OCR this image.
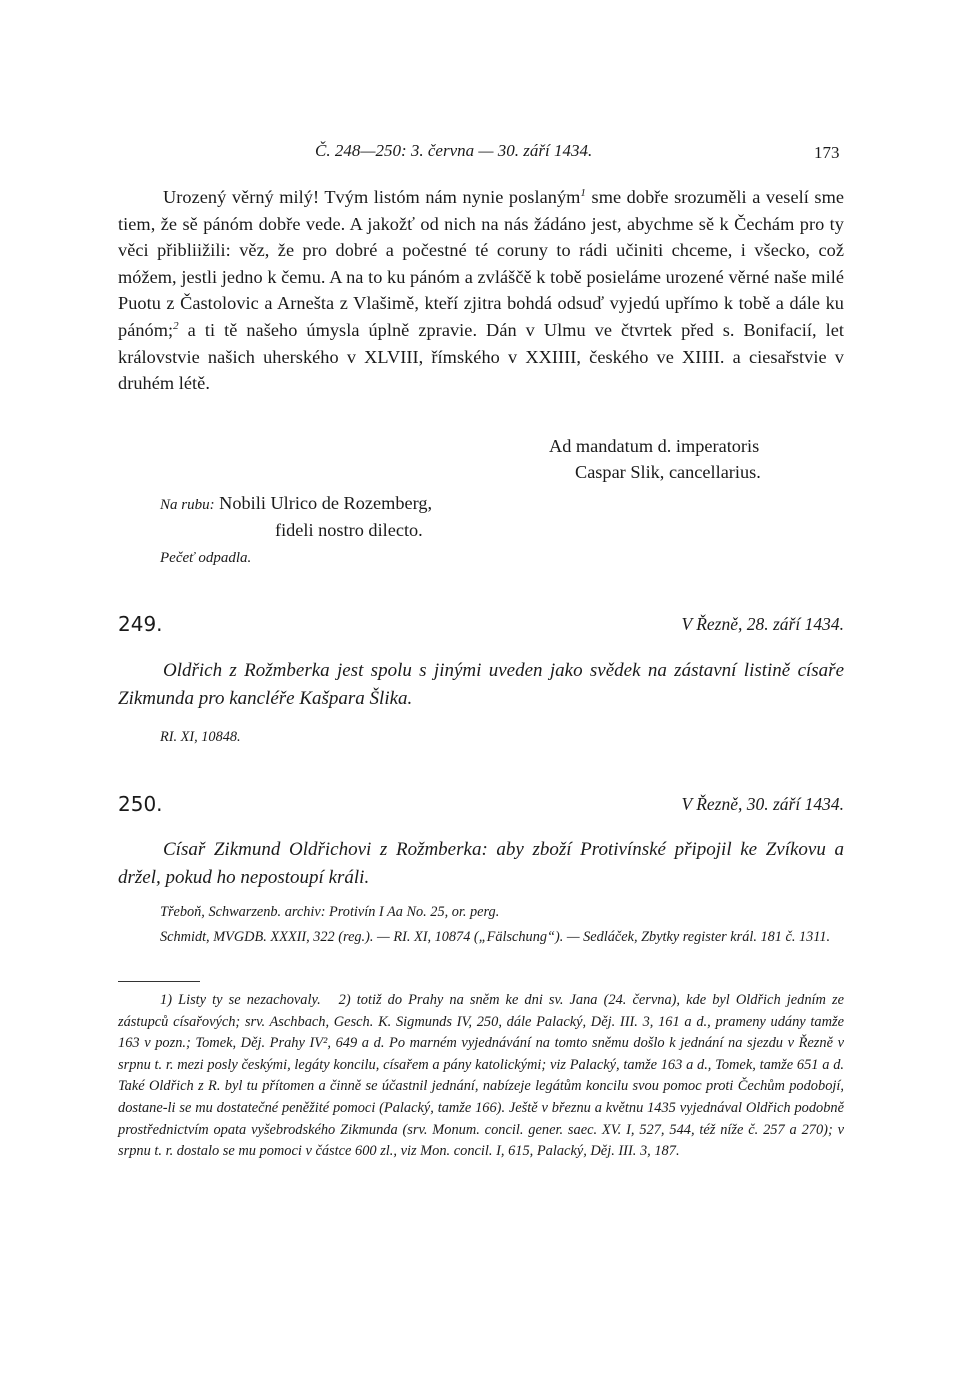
Č. 248—250: 3. června — 30. září 1434.	173

Urozený věrný milý! Tvým listóm nám nynie poslaným$^1$ sme dobře srozuměli a veselí sme tiem, že sě pánóm dobře vede. A jakožť od nich na nás žádáno jest, abychme sě k Čechám pro ty věci přibliižili: věz, že pro dobré a počestné té coruny to rádi učiniti chceme, i všecko, což móžem, jestli jedno k čemu. A na to ku pánóm a zvláščě k tobě posielámе urozené věrné naše milé Puotu z Častolovic a Arnešta z Vlašimě, kteří zjitra bohdá odsuď vyjedú upřímo k tobě a dále ku pánóm;$^2$ a ti tě našeho úmysla úplně zpravie. Dán v Ulmu ve čtvrtek před s. Bonifacií, let královstvie našich uherského v XLVIII, římského v XXIIII, českého ve XIIII. a ciesařstvie v druhém létě.

Ad mandatum d. imperatoris
Caspar Slik, cancellarius.
Na rubu: Nobili Ulrico de Rozemberg,
fideli nostro dilecto.
Pečeť odpadla.
249.	V Řezně, 28. září 1434.

Oldřich z Rožmberka jest spolu s jinými uveden jako svědek na zástavní listině císaře Zikmunda pro kancléře Kašpara Šlika.

RI. XI, 10848.

250.	V Řezně, 30. září 1434.

Císař Zikmund Oldřichovi z Rožmberka: aby zboží Protivínské připojil ke Zvíkovu a držel, pokud ho nepostoupí králi.

Třeboň, Schwarzenb. archiv: Protivín I Aa No. 25, or. perg.

Schmidt, MVGDB. XXXII, 322 (reg.). — RI. XI, 10874 („Fälschung“). — Sedláček, Zbytky register král. 181 č. 1311.

1) Listy ty se nezachovaly. 2) totiž do Prahy na sněm ke dni sv. Jana (24. června), kde byl Oldřich jedním ze zástupců císařových; srv. Aschbach, Gesch. K. Sigmunds IV, 250, dále Palacký, Děj. III. 3, 161 a d., prameny udány tamže 163 v pozn.; Tomek, Děj. Prahy IV², 649 a d. Po marném vyjednávání na tomto sněmu došlo k jednání na sjezdu v Řezně v srpnu t. r. mezi posly českými, legáty koncilu, císařem a pány katolickými; viz Palacký, tamže 163 a d., Tomek, tamže 651 a d. Také Oldřich z R. byl tu přítomen a činně se účastnil jednání, nabízeje legátům koncilu svou pomoc proti Čechům podobojí, dostane-li se mu dostatečné peněžité pomoci (Palacký, tamže 166). Ještě v březnu a květnu 1435 vyjednával Oldřich podobně prostřednictvím opata vyšebrodského Zikmunda (srv. Monum. concil. gener. saec. XV. I, 527, 544, též níže č. 257 a 270); v srpnu t. r. dostalo se mu pomoci v částce 600 zl., viz Mon. concil. I, 615, Palacký, Děj. III. 3, 187.
